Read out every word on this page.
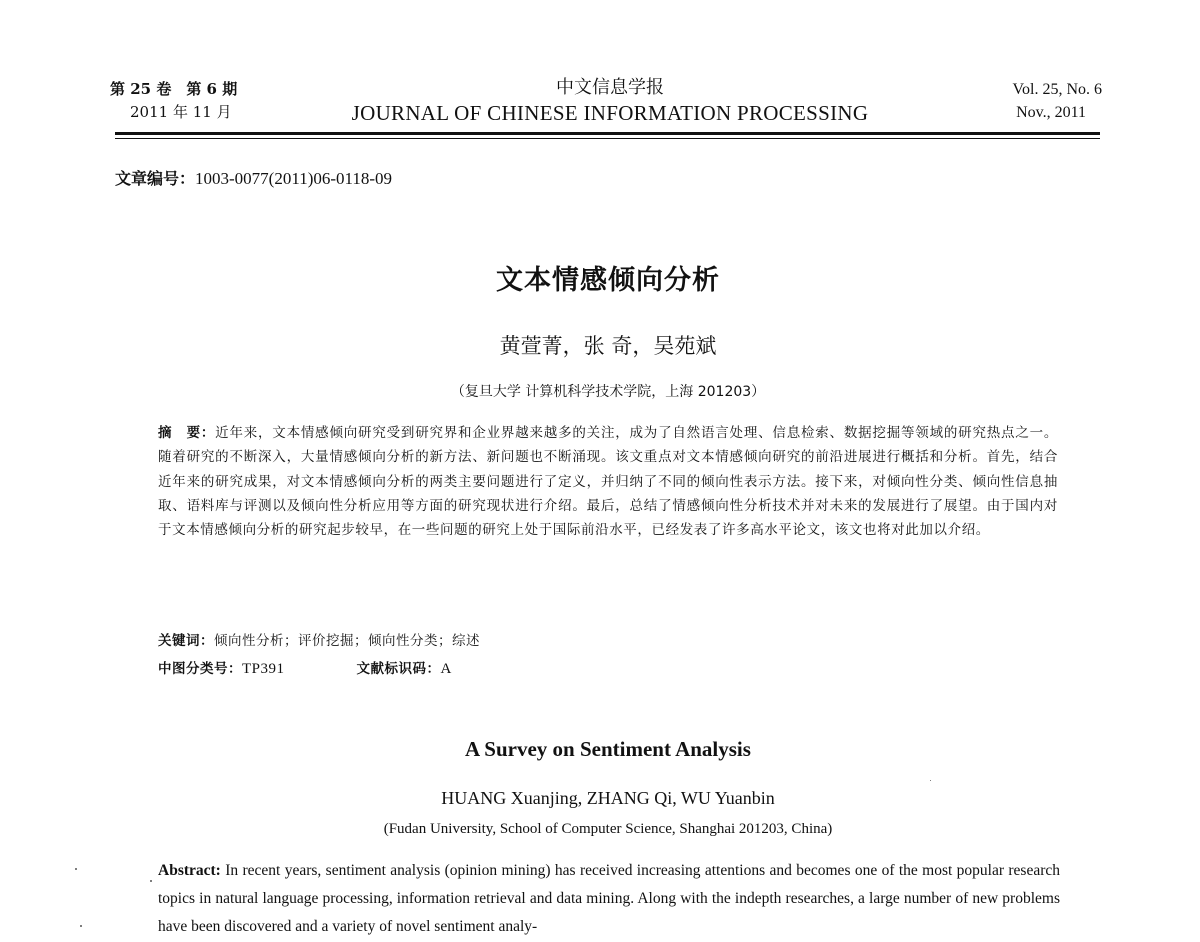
第 25 卷　第 6 期
2011 年 11 月
中文信息学报
JOURNAL OF CHINESE INFORMATION PROCESSING
Vol. 25, No. 6
Nov., 2011
文章编号：1003-0077(2011)06-0118-09
文本情感倾向分析
黄萱菁，张 奇，吴苑斌
（复旦大学 计算机科学技术学院，上海 201203）
摘　要：近年来，文本情感倾向研究受到研究界和企业界越来越多的关注，成为了自然语言处理、信息检索、数据挖掘等领域的研究热点之一。随着研究的不断深入，大量情感倾向分析的新方法、新问题也不断涌现。该文重点对文本情感倾向研究的前沿进展进行概括和分析。首先，结合近年来的研究成果，对文本情感倾向分析的两类主要问题进行了定义，并归纳了不同的倾向性表示方法。接下来，对倾向性分类、倾向性信息抽取、语料库与评测以及倾向性分析应用等方面的研究现状进行介绍。最后，总结了情感倾向性分析技术并对未来的发展进行了展望。由于国内对于文本情感倾向分析的研究起步较早，在一些问题的研究上处于国际前沿水平，已经发表了许多高水平论文，该文也将对此加以介绍。
关键词：倾向性分析；评价挖掘；倾向性分类；综述
中图分类号：TP391	文献标识码：A
A Survey on Sentiment Analysis
HUANG Xuanjing, ZHANG Qi, WU Yuanbin
(Fudan University, School of Computer Science, Shanghai 201203, China)
Abstract: In recent years, sentiment analysis (opinion mining) has received increasing attentions and becomes one of the most popular research topics in natural language processing, information retrieval and data mining. Along with the indepth researches, a large number of new problems have been discovered and a variety of novel sentiment analy-
